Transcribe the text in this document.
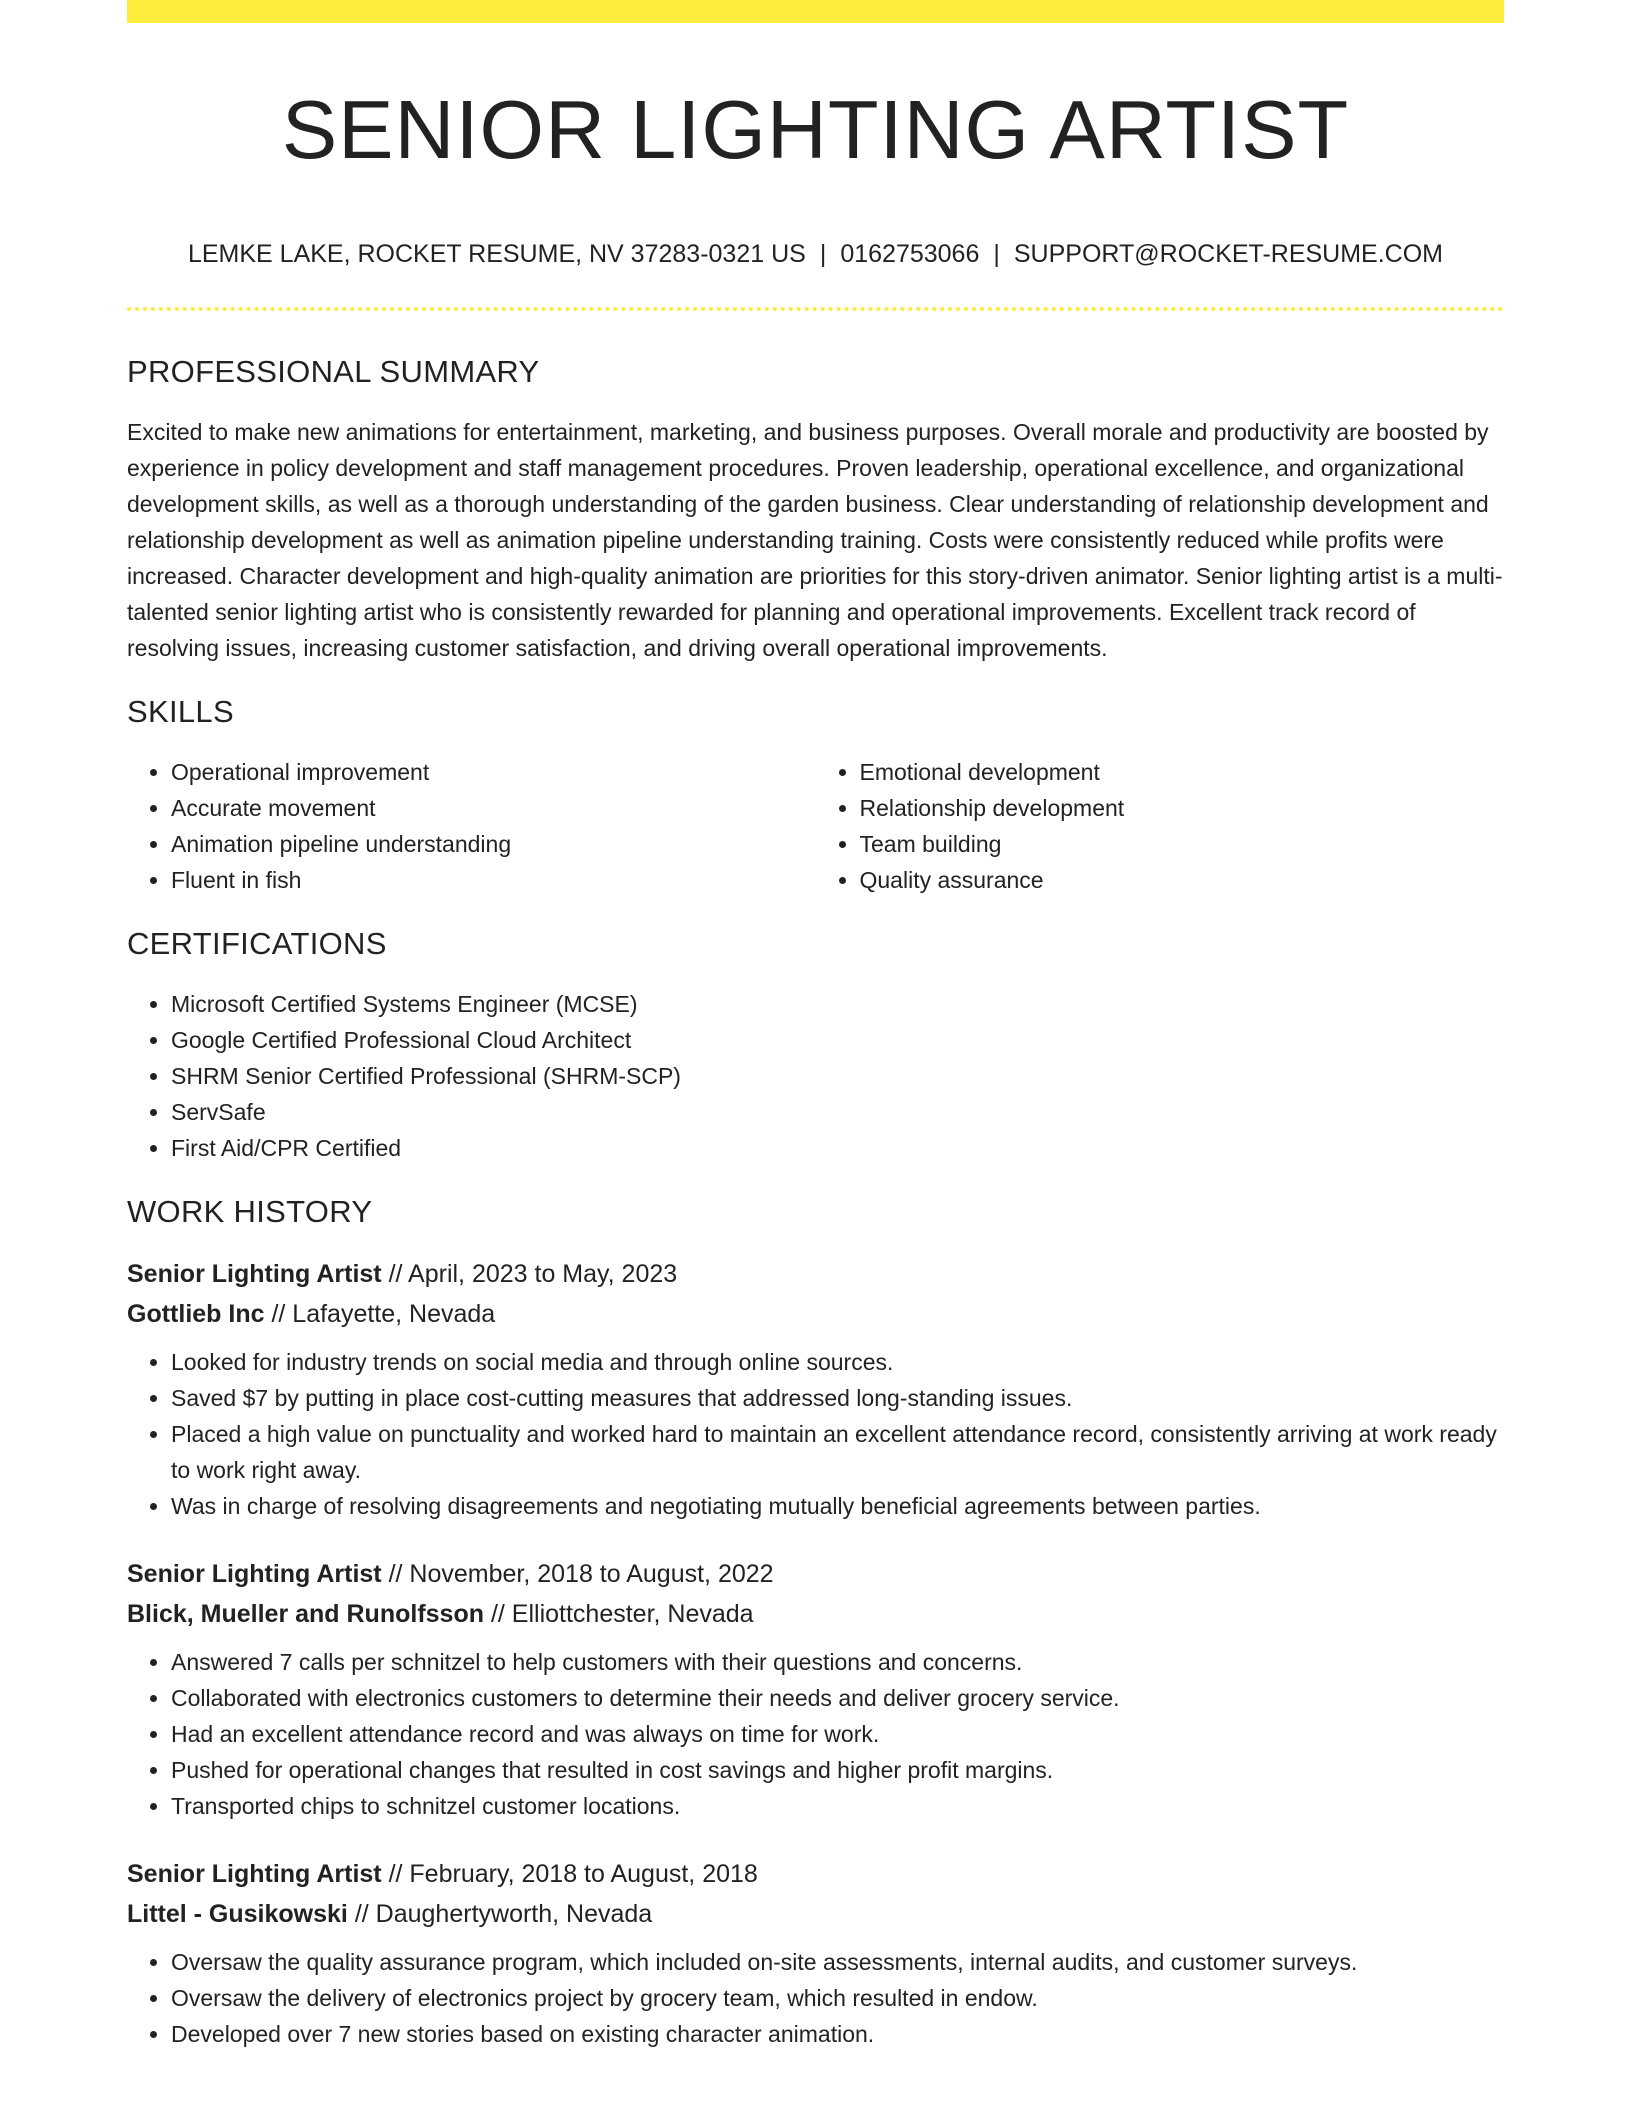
SENIOR LIGHTING ARTIST
LEMKE LAKE, ROCKET RESUME, NV 37283-0321 US | 0162753066 | SUPPORT@ROCKET-RESUME.COM
PROFESSIONAL SUMMARY

Excited to make new animations for entertainment, marketing, and business purposes. Overall morale and productivity are boosted by experience in policy development and staff management procedures. Proven leadership, operational excellence, and organizational development skills, as well as a thorough understanding of the garden business. Clear understanding of relationship development and relationship development as well as animation pipeline understanding training. Costs were consistently reduced while profits were increased. Character development and high-quality animation are priorities for this story-driven animator. Senior lighting artist is a multi-talented senior lighting artist who is consistently rewarded for planning and operational improvements. Excellent track record of resolving issues, increasing customer satisfaction, and driving overall operational improvements.

SKILLS
• Operational improvement
• Accurate movement
• Animation pipeline understanding
• Fluent in fish
• Emotional development
• Relationship development
• Team building
• Quality assurance
CERTIFICATIONS
• Microsoft Certified Systems Engineer (MCSE)
• Google Certified Professional Cloud Architect
• SHRM Senior Certified Professional (SHRM-SCP)
• ServSafe
• First Aid/CPR Certified
WORK HISTORY

Senior Lighting Artist // April, 2023 to May, 2023

Gottlieb Inc // Lafayette, Nevada

• Looked for industry trends on social media and through online sources.
• Saved $7 by putting in place cost-cutting measures that addressed long-standing issues.
• Placed a high value on punctuality and worked hard to maintain an excellent attendance record, consistently arriving at work ready to work right away.
• Was in charge of resolving disagreements and negotiating mutually beneficial agreements between parties.

Senior Lighting Artist // November, 2018 to August, 2022

Blick, Mueller and Runolfsson // Elliottchester, Nevada

• Answered 7 calls per schnitzel to help customers with their questions and concerns.
• Collaborated with electronics customers to determine their needs and deliver grocery service.
• Had an excellent attendance record and was always on time for work.
• Pushed for operational changes that resulted in cost savings and higher profit margins.
• Transported chips to schnitzel customer locations.

Senior Lighting Artist // February, 2018 to August, 2018

Littel - Gusikowski // Daughertyworth, Nevada

• Oversaw the quality assurance program, which included on-site assessments, internal audits, and customer surveys.
• Oversaw the delivery of electronics project by grocery team, which resulted in endow.
• Developed over 7 new stories based on existing character animation.
